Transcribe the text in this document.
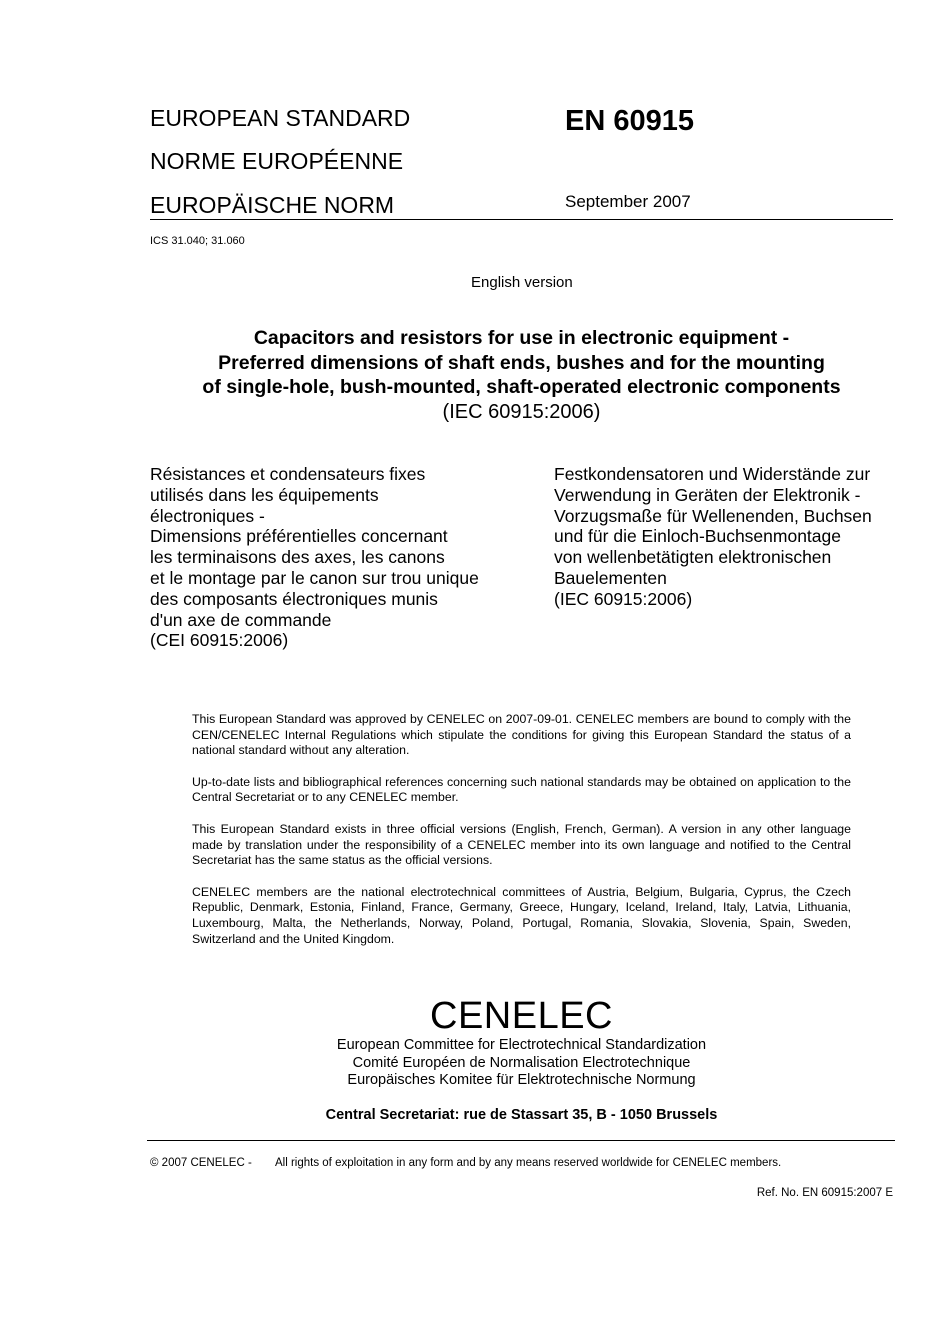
EUROPEAN STANDARD
NORME EUROPÉENNE
EUROPÄISCHE NORM
EN 60915
September 2007
ICS 31.040; 31.060
English version
Capacitors and resistors for use in electronic equipment -
Preferred dimensions of shaft ends, bushes and for the mounting
of single-hole, bush-mounted, shaft-operated electronic components
(IEC 60915:2006)
Résistances et condensateurs fixes
utilisés dans les équipements
électroniques -
Dimensions préférentielles concernant
les terminaisons des axes, les canons
et le montage par le canon sur trou unique
des composants électroniques munis
d'un axe de commande
(CEI 60915:2006)
Festkondensatoren und Widerstände zur
Verwendung in Geräten der Elektronik -
Vorzugsmaße für Wellenenden, Buchsen
und für die Einloch-Buchsenmontage
von wellenbetätigten elektronischen
Bauelementen
(IEC 60915:2006)

This European Standard was approved by CENELEC on 2007-09-01. CENELEC members are bound to comply with the CEN/CENELEC Internal Regulations which stipulate the conditions for giving this European Standard the status of a national standard without any alteration.

Up-to-date lists and bibliographical references concerning such national standards may be obtained on application to the Central Secretariat or to any CENELEC member.

This European Standard exists in three official versions (English, French, German). A version in any other language made by translation under the responsibility of a CENELEC member into its own language and notified to the Central Secretariat has the same status as the official versions.

CENELEC members are the national electrotechnical committees of Austria, Belgium, Bulgaria, Cyprus, the Czech Republic, Denmark, Estonia, Finland, France, Germany, Greece, Hungary, Iceland, Ireland, Italy, Latvia, Lithuania, Luxembourg, Malta, the Netherlands, Norway, Poland, Portugal, Romania, Slovakia, Slovenia, Spain, Sweden, Switzerland and the United Kingdom.

CENELEC
European Committee for Electrotechnical Standardization
Comité Européen de Normalisation Electrotechnique
Europäisches Komitee für Elektrotechnische Normung
Central Secretariat: rue de Stassart 35, B - 1050 Brussels
© 2007 CENELEC - All rights of exploitation in any form and by any means reserved worldwide for CENELEC members.
Ref. No. EN 60915:2007 E
